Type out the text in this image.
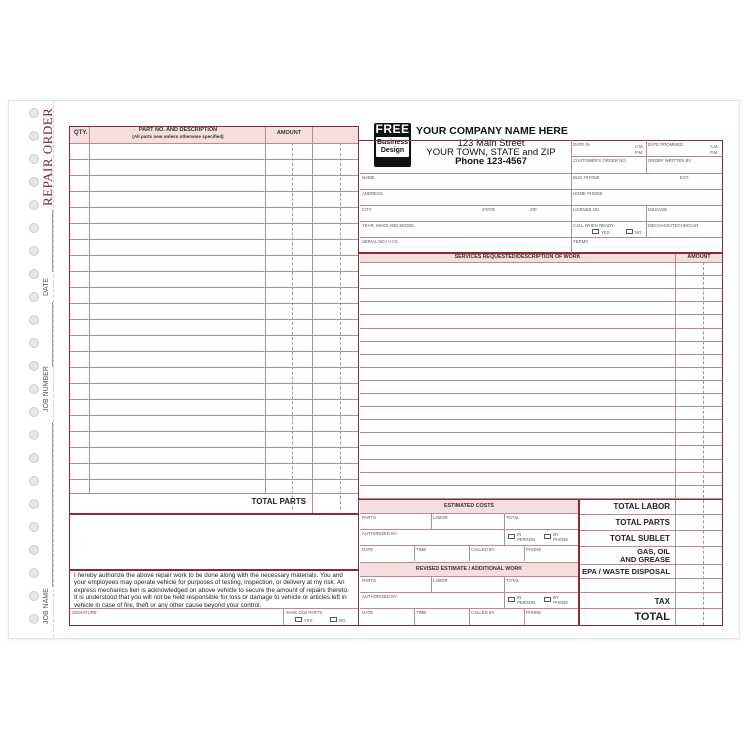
REPAIR ORDER
DATE
JOB NUMBER
JOB NAME
QTY.	PART NO. AND DESCRIPTION
(All parts new unless otherwise specified)
AMOUNT
TOTAL PARTS
I hereby authorize the above repair work to be done along with the necessary materials. You and your employees may operate vehicle for purposes of testing, inspection, or delivery at my risk. An express mechanics lien is acknowledged on above vehicle to secure the amount of repairs thereto. It is understood that you will not be held responsible for loss or damage to vehicle or articles left in vehicle in case of fire, theft or any other cause beyond your control.
SIGNATURE	SAVE OLD PARTS
YES	NO
FREE
Business
Design
YOUR COMPANY NAME HERE
123 Main Street
YOUR TOWN, STATE and ZIP
Phone 123-4567
DATE IN	A.M.
P.M.
DATE PROMISED	A.M.
P.M.
CUSTOMER'S ORDER NO.	ORDER WRITTEN BY
NAME	BUS. PHONE	EXT.
ADDRESS	HOME PHONE
CITY	STATE	ZIP	LICENSE NO.	MILEAGE
YEAR, MAKE AND MODEL	CALL WHEN READY
YES	NO
MECHANIC/TECHNICIAN
SERIAL NO./ V.I.N.	TERMS
SERVICES REQUESTED/DESCRIPTION OF WORK	AMOUNT
ESTIMATED COSTS
PARTS	LABOR	TOTAL
AUTHORIZED BY	IN PERSON
BY PHONE
DATE	TIME	CALLED BY	PHONE
REVISED ESTIMATE / ADDITIONAL WORK
PARTS	LABOR	TOTAL
AUTHORIZED BY	IN PERSON
BY PHONE
DATE	TIME	CALLED BY	PHONE
TOTAL LABOR
TOTAL PARTS
TOTAL SUBLET
GAS, OIL
AND GREASE
EPA / WASTE DISPOSAL
TAX
TOTAL
